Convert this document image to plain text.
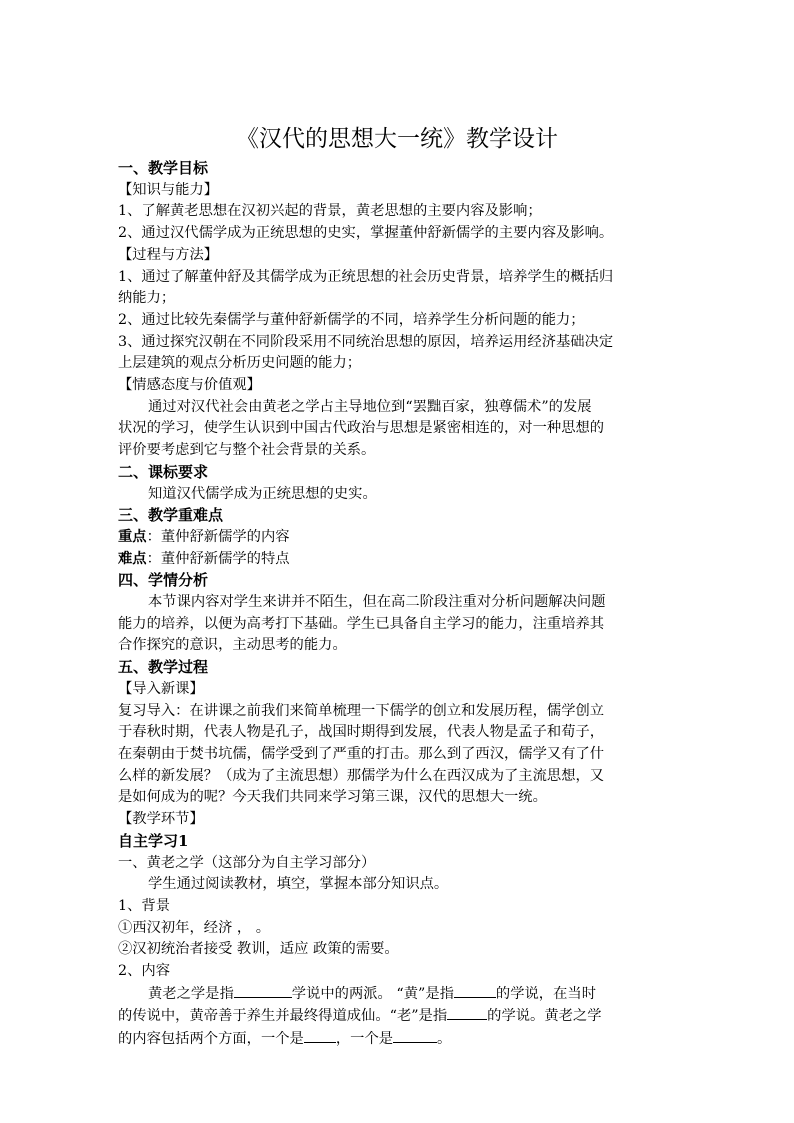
《汉代的思想大一统》教学设计

一、教学目标

【知识与能力】

1、了解黄老思想在汉初兴起的背景，黄老思想的主要内容及影响；

2、通过汉代儒学成为正统思想的史实，掌握董仲舒新儒学的主要内容及影响。

【过程与方法】

1、通过了解董仲舒及其儒学成为正统思想的社会历史背景，培养学生的概括归

纳能力；

2、通过比较先秦儒学与董仲舒新儒学的不同，培养学生分析问题的能力；

3、通过探究汉朝在不同阶段采用不同统治思想的原因，培养运用经济基础决定

上层建筑的观点分析历史问题的能力；

【情感态度与价值观】

通过对汉代社会由黄老之学占主导地位到“罢黜百家，独尊儒术”的发展

状况的学习，使学生认识到中国古代政治与思想是紧密相连的，对一种思想的

评价要考虑到它与整个社会背景的关系。

二、课标要求

知道汉代儒学成为正统思想的史实。

三、教学重难点

重点：董仲舒新儒学的内容

难点：董仲舒新儒学的特点

四、学情分析

本节课内容对学生来讲并不陌生，但在高二阶段注重对分析问题解决问题

能力的培养，以便为高考打下基础。学生已具备自主学习的能力，注重培养其

合作探究的意识，主动思考的能力。

五、教学过程

【导入新课】

复习导入：在讲课之前我们来简单梳理一下儒学的创立和发展历程，儒学创立

于春秋时期，代表人物是孔子，战国时期得到发展，代表人物是孟子和荀子，

在秦朝由于焚书坑儒，儒学受到了严重的打击。那么到了西汉，儒学又有了什

么样的新发展？（成为了主流思想）那儒学为什么在西汉成为了主流思想，又

是如何成为的呢？今天我们共同来学习第三课，汉代的思想大一统。

【教学环节】

自主学习1

一、黄老之学（这部分为自主学习部分）

学生通过阅读教材，填空，掌握本部分知识点。

1、背景

①西汉初年，经济 ， 。

②汉初统治者接受 教训，适应 政策的需要。

2、内容

黄老之学是指	学说中的两派。 “黄”是指	的学说，在当时

的传说中，黄帝善于养生并最终得道成仙。“老”是指	的学说。黄老之学

的内容包括两个方面，一个是 ，一个是	。
